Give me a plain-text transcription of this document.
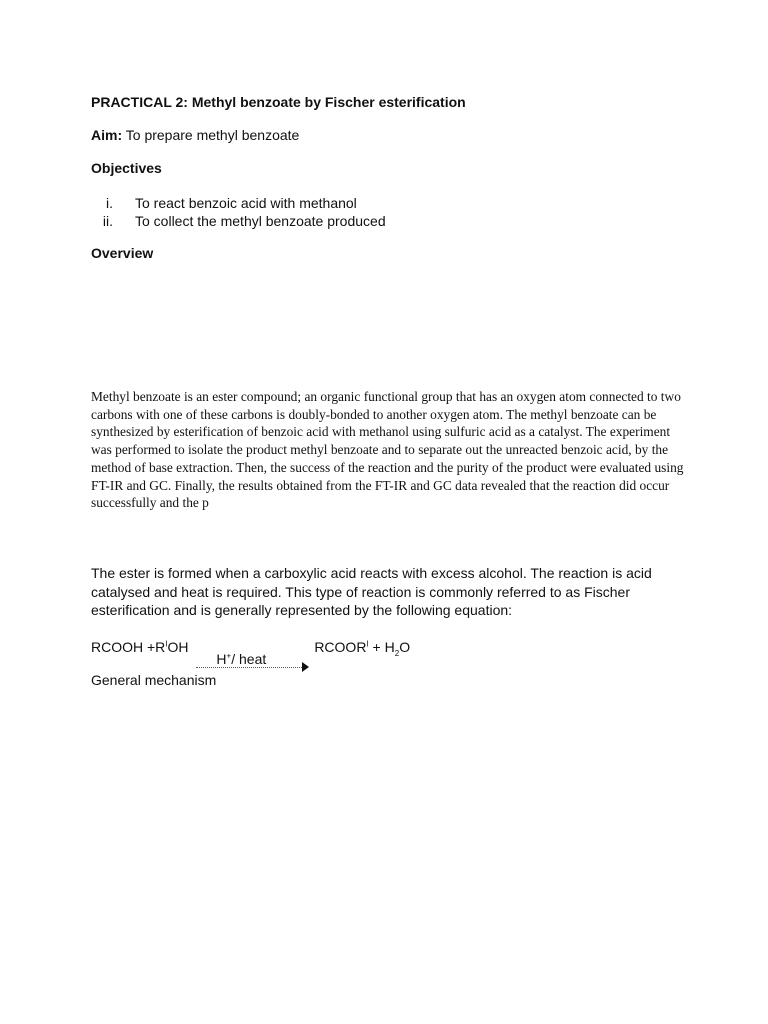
PRACTICAL 2: Methyl benzoate by Fischer esterification
Aim: To prepare methyl benzoate
Objectives
i. To react benzoic acid with methanol
ii. To collect the methyl benzoate produced
Overview
Methyl benzoate is an ester compound; an organic functional group that has an oxygen atom connected to two carbons with one of these carbons is doubly-bonded to another oxygen atom. The methyl benzoate can be synthesized by esterification of benzoic acid with methanol using sulfuric acid as a catalyst. The experiment was performed to isolate the product methyl benzoate and to separate out the unreacted benzoic acid, by the method of base extraction. Then, the success of the reaction and the purity of the product were evaluated using FT-IR and GC. Finally, the results obtained from the FT-IR and GC data revealed that the reaction did occur successfully and the p
The ester is formed when a carboxylic acid reacts with excess alcohol. The reaction is acid catalysed and heat is required. This type of reaction is commonly referred to as Fischer esterification and is generally represented by the following equation:
RCOOH $+R^IOH$
H+/ heat
$RCOOR^I + H_2O$
General mechanism
